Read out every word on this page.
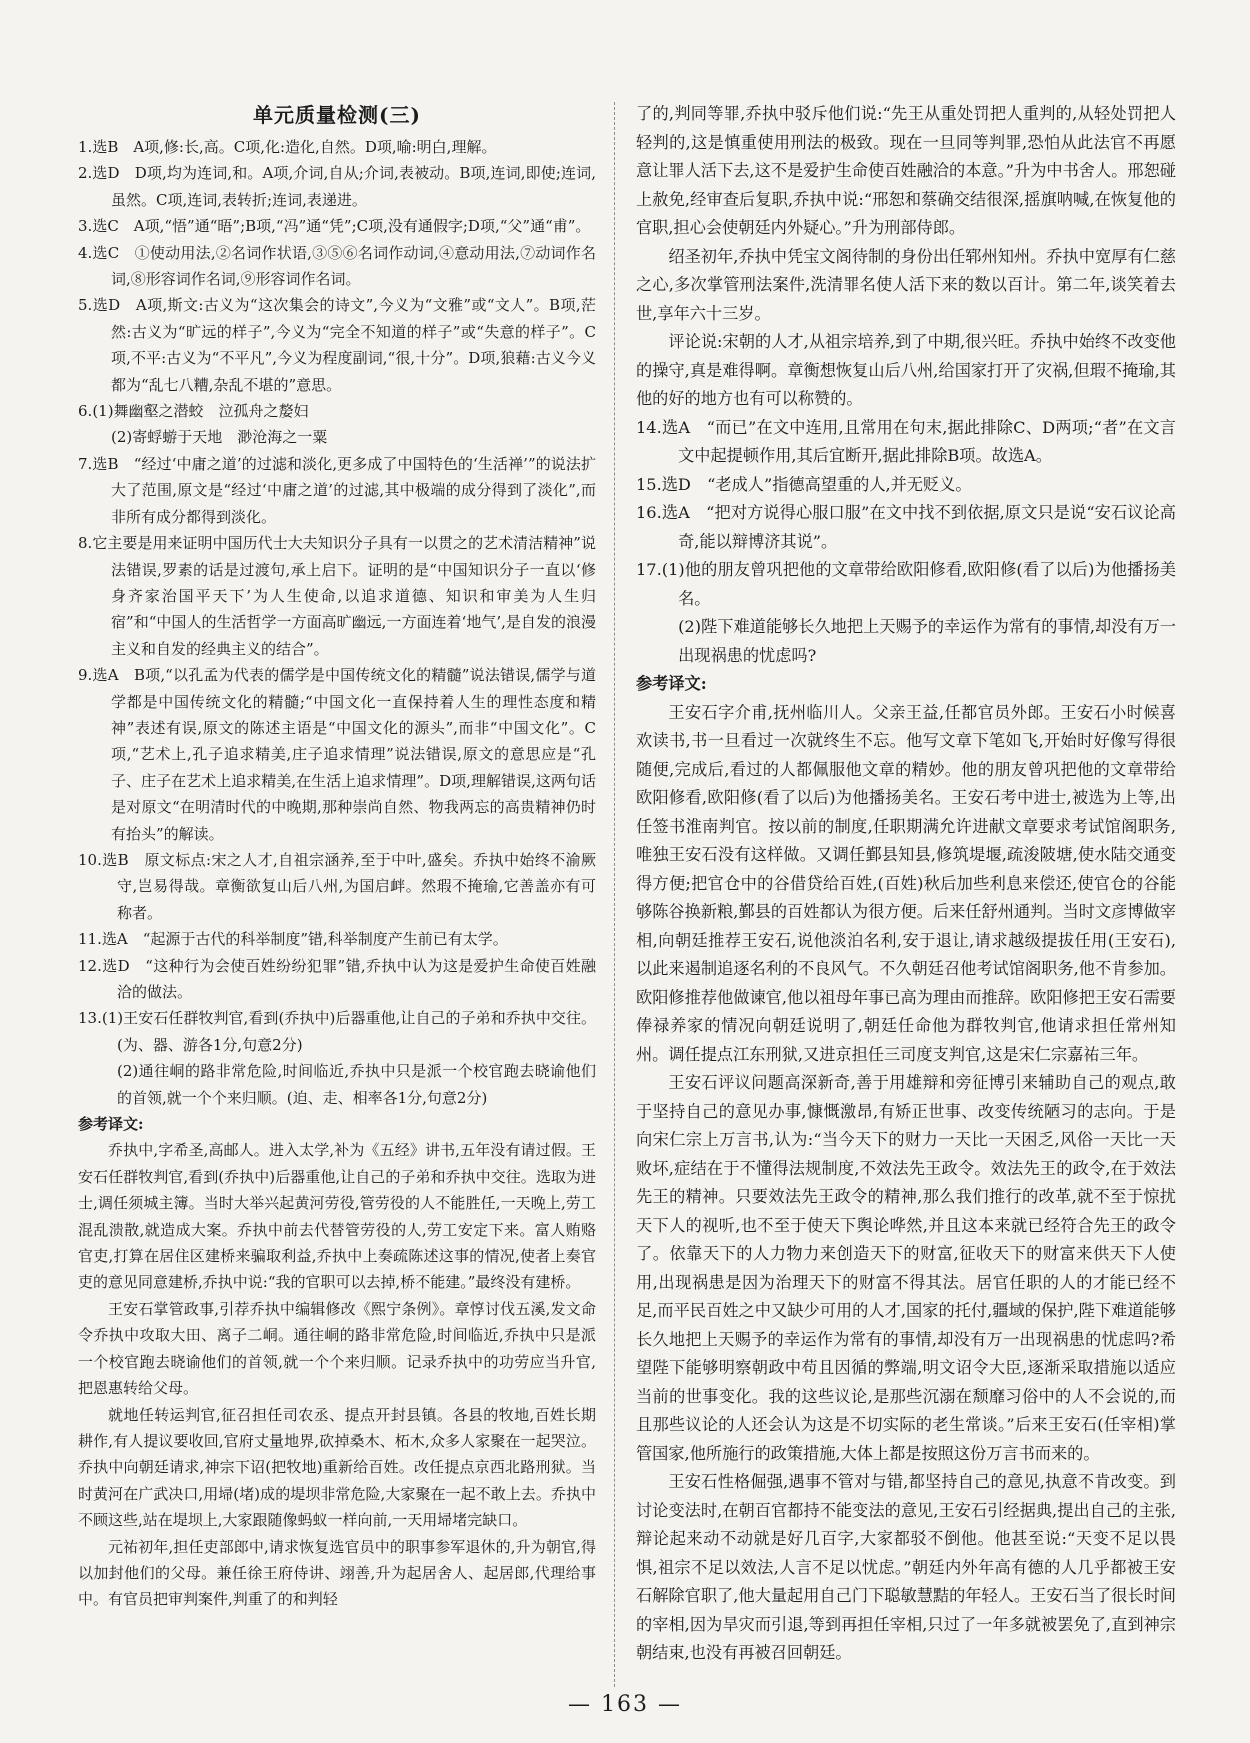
单元质量检测(三)

1.选B　A项,修:长,高。C项,化:造化,自然。D项,喻:明白,理解。

2.选D　D项,均为连词,和。A项,介词,自从;介词,表被动。B项,连词,即使;连词,虽然。C项,连词,表转折;连词,表递进。

3.选C　A项,“悟”通“晤”;B项,“冯”通“凭”;C项,没有通假字;D项,“父”通“甫”。

4.选C　①使动用法,②名词作状语,③⑤⑥名词作动词,④意动用法,⑦动词作名词,⑧形容词作名词,⑨形容词作名词。

5.选D　A项,斯文:古义为“这次集会的诗文”,今义为“文雅”或“文人”。B项,茫然:古义为“旷远的样子”,今义为“完全不知道的样子”或“失意的样子”。C项,不平:古义为“不平凡”,今义为程度副词,“很,十分”。D项,狼藉:古义今义都为“乱七八糟,杂乱不堪的”意思。

6.(1)舞幽壑之潜蛟　泣孤舟之嫠妇

(2)寄蜉蝣于天地　渺沧海之一粟

7.选B　“经过‘中庸之道’的过滤和淡化,更多成了中国特色的‘生活禅’”的说法扩大了范围,原文是“经过‘中庸之道’的过滤,其中极端的成分得到了淡化”,而非所有成分都得到淡化。

8.它主要是用来证明中国历代士大夫知识分子具有一以贯之的艺术清洁精神”说法错误,罗素的话是过渡句,承上启下。证明的是“中国知识分子一直以‘修身齐家治国平天下’为人生使命,以追求道德、知识和审美为人生归宿”和“中国人的生活哲学一方面高旷幽远,一方面连着‘地气’,是自发的浪漫主义和自发的经典主义的结合”。

9.选A　B项,“以孔孟为代表的儒学是中国传统文化的精髓”说法错误,儒学与道学都是中国传统文化的精髓;“中国文化一直保持着人生的理性态度和精神”表述有误,原文的陈述主语是“中国文化的源头”,而非“中国文化”。C项,“艺术上,孔子追求精美,庄子追求情理”说法错误,原文的意思应是“孔子、庄子在艺术上追求精美,在生活上追求情理”。D项,理解错误,这两句话是对原文“在明清时代的中晚期,那种崇尚自然、物我两忘的高贵精神仍时有抬头”的解读。

10.选B　原文标点:宋之人才,自祖宗涵养,至于中叶,盛矣。乔执中始终不渝厥守,岂易得哉。章衡欲复山后八州,为国启衅。然瑕不掩瑜,它善盖亦有可称者。

11.选A　“起源于古代的科举制度”错,科举制度产生前已有太学。

12.选D　“这种行为会使百姓纷纷犯罪”错,乔执中认为这是爱护生命使百姓融洽的做法。

13.(1)王安石任群牧判官,看到(乔执中)后器重他,让自己的子弟和乔执中交往。(为、器、游各1分,句意2分)

(2)通往峒的路非常危险,时间临近,乔执中只是派一个校官跑去晓谕他们的首领,就一个个来归顺。(迫、走、相率各1分,句意2分)

参考译文:

乔执中,字希圣,高邮人。进入太学,补为《五经》讲书,五年没有请过假。王安石任群牧判官,看到(乔执中)后器重他,让自己的子弟和乔执中交往。选取为进士,调任须城主簿。当时大举兴起黄河劳役,管劳役的人不能胜任,一天晚上,劳工混乱溃散,就造成大案。乔执中前去代替管劳役的人,劳工安定下来。富人贿赂官吏,打算在居住区建桥来骗取利益,乔执中上奏疏陈述这事的情况,使者上奏官吏的意见同意建桥,乔执中说:“我的官职可以去掉,桥不能建。”最终没有建桥。

王安石掌管政事,引荐乔执中编辑修改《熙宁条例》。章惇讨伐五溪,发文命令乔执中攻取大田、离子二峒。通往峒的路非常危险,时间临近,乔执中只是派一个校官跑去晓谕他们的首领,就一个个来归顺。记录乔执中的功劳应当升官,把恩惠转给父母。

就地任转运判官,征召担任司农丞、提点开封县镇。各县的牧地,百姓长期耕作,有人提议要收回,官府丈量地界,砍掉桑木、柘木,众多人家聚在一起哭泣。乔执中向朝廷请求,神宗下诏(把牧地)重新给百姓。改任提点京西北路刑狱。当时黄河在广武决口,用埽(堵)成的堤坝非常危险,大家聚在一起不敢上去。乔执中不顾这些,站在堤坝上,大家跟随像蚂蚁一样向前,一天用埽堵完缺口。

元祐初年,担任吏部郎中,请求恢复选官员中的职事参军退休的,升为朝官,得以加封他们的父母。兼任徐王府侍讲、翊善,升为起居舍人、起居郎,代理给事中。有官员把审判案件,判重了的和判轻

了的,判同等罪,乔执中驳斥他们说:“先王从重处罚把人重判的,从轻处罚把人轻判的,这是慎重使用刑法的极致。现在一旦同等判罪,恐怕从此法官不再愿意让罪人活下去,这不是爱护生命使百姓融洽的本意。”升为中书舍人。邢恕碰上赦免,经审查后复职,乔执中说:“邢恕和蔡确交结很深,摇旗呐喊,在恢复他的官职,担心会使朝廷内外疑心。”升为刑部侍郎。

绍圣初年,乔执中凭宝文阁待制的身份出任郓州知州。乔执中宽厚有仁慈之心,多次掌管刑法案件,洗清罪名使人活下来的数以百计。第二年,谈笑着去世,享年六十三岁。

评论说:宋朝的人才,从祖宗培养,到了中期,很兴旺。乔执中始终不改变他的操守,真是难得啊。章衡想恢复山后八州,给国家打开了灾祸,但瑕不掩瑜,其他的好的地方也有可以称赞的。

14.选A　“而已”在文中连用,且常用在句末,据此排除C、D两项;“者”在文言文中起提顿作用,其后宜断开,据此排除B项。故选A。

15.选D　“老成人”指德高望重的人,并无贬义。

16.选A　“把对方说得心服口服”在文中找不到依据,原文只是说“安石议论高奇,能以辩博济其说”。

17.(1)他的朋友曾巩把他的文章带给欧阳修看,欧阳修(看了以后)为他播扬美名。

(2)陛下难道能够长久地把上天赐予的幸运作为常有的事情,却没有万一出现祸患的忧虑吗?

参考译文:

王安石字介甫,抚州临川人。父亲王益,任都官员外郎。王安石小时候喜欢读书,书一旦看过一次就终生不忘。他写文章下笔如飞,开始时好像写得很随便,完成后,看过的人都佩服他文章的精妙。他的朋友曾巩把他的文章带给欧阳修看,欧阳修(看了以后)为他播扬美名。王安石考中进士,被选为上等,出任签书淮南判官。按以前的制度,任职期满允许进献文章要求考试馆阁职务,唯独王安石没有这样做。又调任鄞县知县,修筑堤堰,疏浚陂塘,使水陆交通变得方便;把官仓中的谷借贷给百姓,(百姓)秋后加些利息来偿还,使官仓的谷能够陈谷换新粮,鄞县的百姓都认为很方便。后来任舒州通判。当时文彦博做宰相,向朝廷推荐王安石,说他淡泊名利,安于退让,请求越级提拔任用(王安石),以此来遏制追逐名利的不良风气。不久朝廷召他考试馆阁职务,他不肯参加。欧阳修推荐他做谏官,他以祖母年事已高为理由而推辞。欧阳修把王安石需要俸禄养家的情况向朝廷说明了,朝廷任命他为群牧判官,他请求担任常州知州。调任提点江东刑狱,又进京担任三司度支判官,这是宋仁宗嘉祐三年。

王安石评议问题高深新奇,善于用雄辩和旁征博引来辅助自己的观点,敢于坚持自己的意见办事,慷慨激昂,有矫正世事、改变传统陋习的志向。于是向宋仁宗上万言书,认为:“当今天下的财力一天比一天困乏,风俗一天比一天败坏,症结在于不懂得法规制度,不效法先王政令。效法先王的政令,在于效法先王的精神。只要效法先王政令的精神,那么我们推行的改革,就不至于惊扰天下人的视听,也不至于使天下舆论哗然,并且这本来就已经符合先王的政令了。依靠天下的人力物力来创造天下的财富,征收天下的财富来供天下人使用,出现祸患是因为治理天下的财富不得其法。居官任职的人的才能已经不足,而平民百姓之中又缺少可用的人才,国家的托付,疆域的保护,陛下难道能够长久地把上天赐予的幸运作为常有的事情,却没有万一出现祸患的忧虑吗?希望陛下能够明察朝政中苟且因循的弊端,明文诏令大臣,逐渐采取措施以适应当前的世事变化。我的这些议论,是那些沉溺在颓靡习俗中的人不会说的,而且那些议论的人还会认为这是不切实际的老生常谈。”后来王安石(任宰相)掌管国家,他所施行的政策措施,大体上都是按照这份万言书而来的。

王安石性格倔强,遇事不管对与错,都坚持自己的意见,执意不肯改变。到讨论变法时,在朝百官都持不能变法的意见,王安石引经据典,提出自己的主张,辩论起来动不动就是好几百字,大家都驳不倒他。他甚至说:“天变不足以畏惧,祖宗不足以效法,人言不足以忧虑。”朝廷内外年高有德的人几乎都被王安石解除官职了,他大量起用自己门下聪敏慧黠的年轻人。王安石当了很长时间的宰相,因为旱灾而引退,等到再担任宰相,只过了一年多就被罢免了,直到神宗朝结束,也没有再被召回朝廷。

— 163 —
